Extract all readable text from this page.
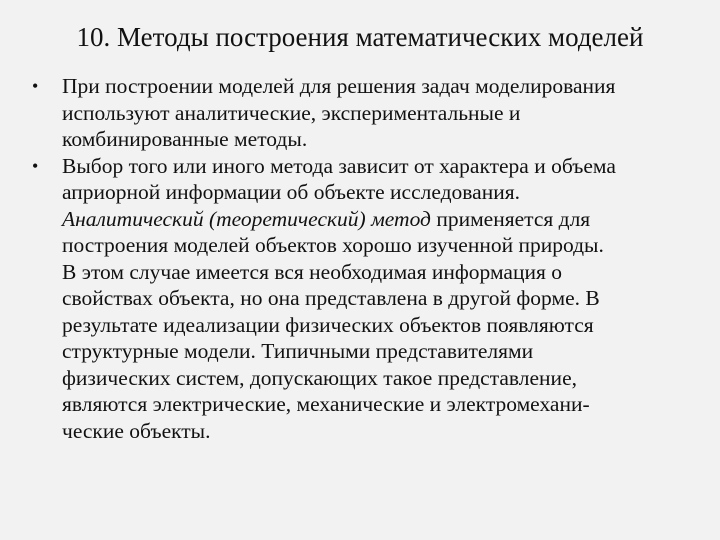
10. Методы построения математических моделей
• При построении моделей для решения задач моделирования
используют аналитические, экспериментальные и
комбинированные методы.
• Выбор того или иного метода зависит от характера и объема
априорной информации об объекте исследования.
Аналитический (теоретический) метод применяется для
построения моделей объектов хорошо изученной природы.
В этом случае имеется вся необходимая информация о
свойствах объекта, но она представлена в другой форме. В
результате идеализации физических объектов появляются
структурные модели. Типичными представителями
физических систем, допускающих такое представление,
являются электрические, механические и электромехани-
ческие объекты.
